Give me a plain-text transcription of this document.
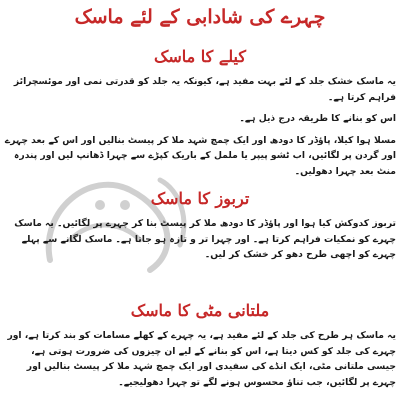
چہرے کی شادابی کے لئے ماسک
کیلے کا ماسک

یہ ماسک خشک جلد کے لئے بہت مفید ہے، کیونکہ یہ جلد کو قدرتی نمی اور موئسچرائز فراہم کرتا ہے۔

اس کو بنانے کا طریقہ درج ذیل ہے۔

مسلا ہوا کیلا، پاؤڈر کا دودھ اور ایک چمچ شہد ملا کر پیسٹ بنالیں اور اس کے بعد چہرے اور گردن پر لگائیں، اب ٹشو پیپر یا ململ کے باریک کپڑے سے چہرا ڈھانپ لیں اور پندرہ منٹ بعد چہرا دھولیں۔

تربوز کا ماسک

تربوز کدوکش کیا ہوا اور پاؤڈر کا دودھ ملا کر پیسٹ بنا کر چہرے پر لگائیں۔ یہ ماسک چہرے کو نمکیات فراہم کرتا ہے۔ اور چہرا تر و تازہ ہو جاتا ہے۔ ماسک لگانے سے پہلے چہرے کو اچھی طرح دھو کر خشک کر لیں۔

ملتانی مٹی کا ماسک

یہ ماسک ہر طرح کی جلد کے لئے مفید ہے، یہ چہرے کے کھلے مسامات کو بند کرتا ہے، اور چہرے کی جلد کو کس دیتا ہے، اس کو بنانے کے لیے ان چیزوں کی ضرورت ہوتی ہے، جیسی ملتانی مٹی، ایک انڈے کی سفیدی اور ایک چمچ شہد ملا کر پیسٹ بنالیں اور چہرے پر لگائیں، جب تناؤ محسوس ہونے لگے تو چہرا دھولیجیے۔
